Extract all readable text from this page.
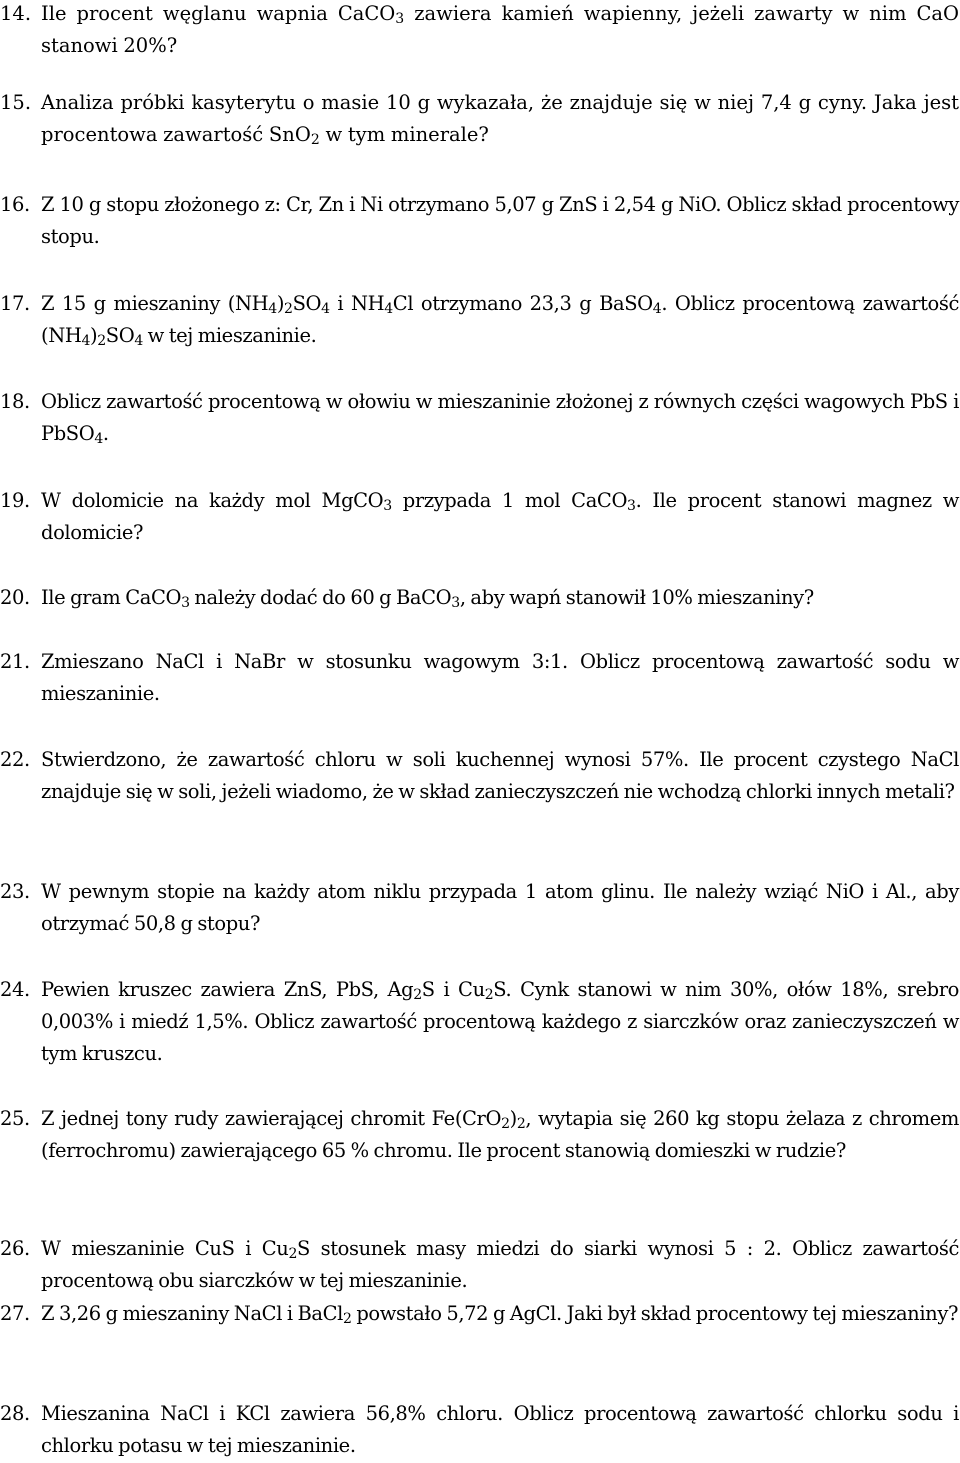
14. Ile procent węglanu wapnia CaCO$_3$ zawiera kamień wapienny, jeżeli zawarty w nim CaO stanowi 20%?
15. Analiza próbki kasyterytu o masie 10 g wykazała, że znajduje się w niej 7,4 g cyny. Jaka jest procentowa zawartość SnO$_2$ w tym minerale?
16. Z 10 g stopu złożonego z: Cr, Zn i Ni otrzymano 5,07 g ZnS i 2,54 g NiO. Oblicz skład procentowy stopu.
17. Z 15 g mieszaniny $(NH_4)_2SO_4$ i $NH_4Cl$ otrzymano 23,3 g BaSO$_4$. Oblicz procentową zawartość $(NH_4)_2SO_4$ w tej mieszaninie.
18. Oblicz zawartość procentową w ołowiu w mieszaninie złożonej z równych części wagowych PbS i PbSO$_4$.
19. W dolomicie na każdy mol MgCO$_3$ przypada 1 mol CaCO$_3$. Ile procent stanowi magnez w dolomicie?
20. Ile gram CaCO$_3$ należy dodać do 60 g BaCO$_3$, aby wapń stanowił 10% mieszaniny?
21. Zmieszano NaCl i NaBr w stosunku wagowym 3:1. Oblicz procentową zawartość sodu w mieszaninie.
22. Stwierdzono, że zawartość chloru w soli kuchennej wynosi 57%. Ile procent czystego NaCl znajduje się w soli, jeżeli wiadomo, że w skład zanieczyszczeń nie wchodzą chlorki innych metali?
23. W pewnym stopie na każdy atom niklu przypada 1 atom glinu. Ile należy wziąć NiO i Al., aby otrzymać 50,8 g stopu?
24. Pewien kruszec zawiera ZnS, PbS, $Ag_2S$ i $Cu_2S$. Cynk stanowi w nim 30%, ołów 18%, srebro 0,003% i miedź 1,5%. Oblicz zawartość procentową każdego z siarczków oraz zanieczyszczeń w tym kruszcu.
25. Z jednej tony rudy zawierającej chromit $Fe(CrO_2)_2$, wytapia się 260 kg stopu żelaza z chromem (ferrochromu) zawierającego 65 % chromu. Ile procent stanowią domieszki w rudzie?
26. W mieszaninie CuS i $Cu_2S$ stosunek masy miedzi do siarki wynosi 5 : 2. Oblicz zawartość procentową obu siarczków w tej mieszaninie.
27. Z 3,26 g mieszaniny NaCl i BaCl$_2$ powstało 5,72 g AgCl. Jaki był skład procentowy tej mieszaniny?
28. Mieszanina NaCl i KCl zawiera 56,8% chloru. Oblicz procentową zawartość chlorku sodu i chlorku potasu w tej mieszaninie.
